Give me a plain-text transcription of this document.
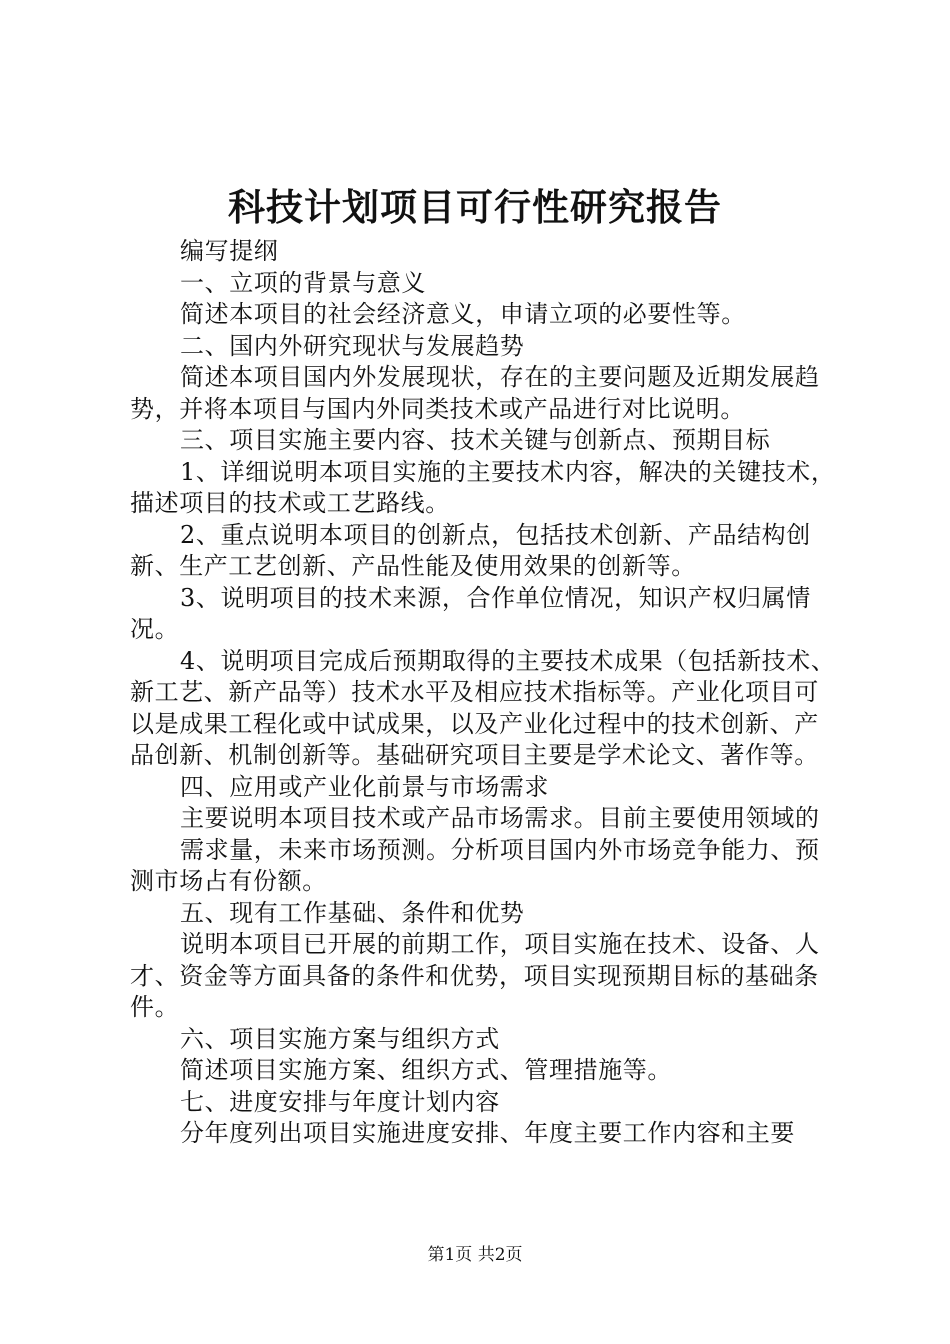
科技计划项目可行性研究报告

编写提纲

一、立项的背景与意义

简述本项目的社会经济意义，申请立项的必要性等。

二、国内外研究现状与发展趋势

简述本项目国内外发展现状，存在的主要问题及近期发展趋势，并将本项目与国内外同类技术或产品进行对比说明。

三、项目实施主要内容、技术关键与创新点、预期目标

1、详细说明本项目实施的主要技术内容，解决的关键技术，描述项目的技术或工艺路线。

2、重点说明本项目的创新点，包括技术创新、产品结构创新、生产工艺创新、产品性能及使用效果的创新等。

3、说明项目的技术来源，合作单位情况，知识产权归属情况。

4、说明项目完成后预期取得的主要技术成果（包括新技术、新工艺、新产品等）技术水平及相应技术指标等。产业化项目可以是成果工程化或中试成果，以及产业化过程中的技术创新、产品创新、机制创新等。基础研究项目主要是学术论文、著作等。

四、应用或产业化前景与市场需求

主要说明本项目技术或产品市场需求。目前主要使用领域的

需求量，未来市场预测。分析项目国内外市场竞争能力、预测市场占有份额。

五、现有工作基础、条件和优势

说明本项目已开展的前期工作，项目实施在技术、设备、人才、资金等方面具备的条件和优势，项目实现预期目标的基础条件。

六、项目实施方案与组织方式

简述项目实施方案、组织方式、管理措施等。

七、进度安排与年度计划内容

分年度列出项目实施进度安排、年度主要工作内容和主要

第1页 共2页
